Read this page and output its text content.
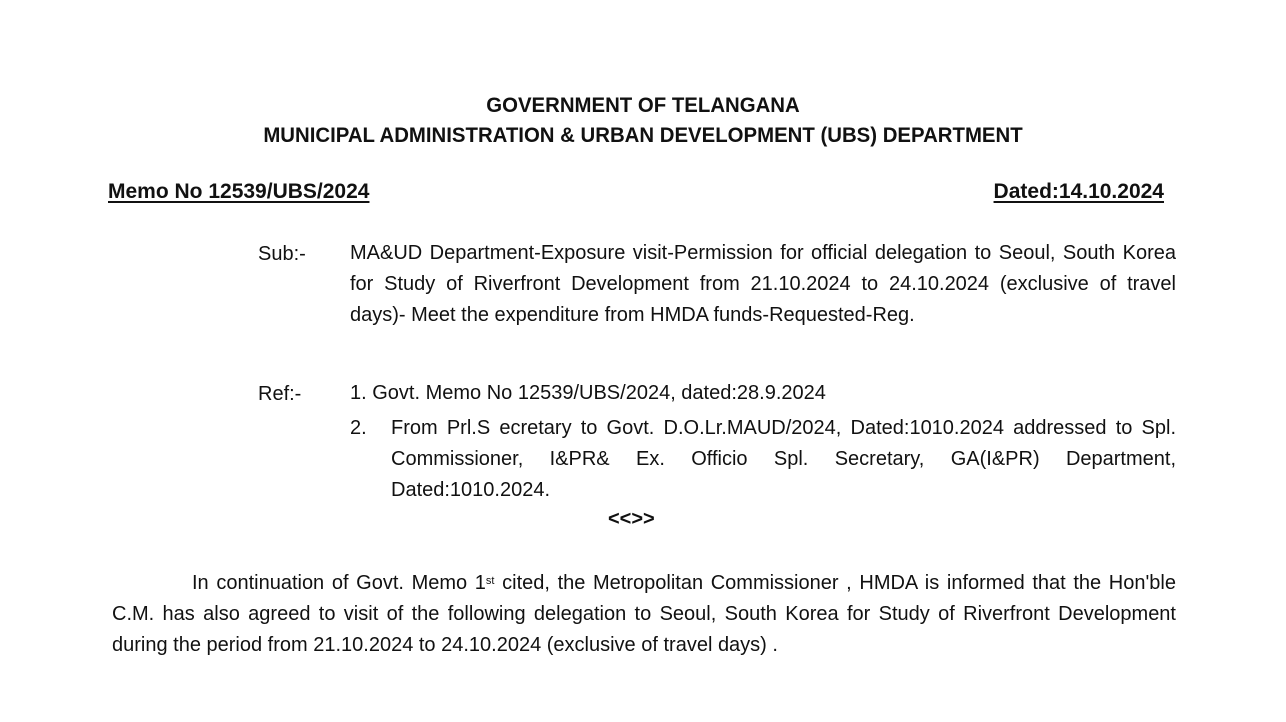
GOVERNMENT OF TELANGANA
MUNICIPAL ADMINISTRATION & URBAN DEVELOPMENT (UBS) DEPARTMENT
Memo No 12539/UBS/2024	Dated:14.10.2024
Sub:- MA&UD Department-Exposure visit-Permission for official delegation to Seoul, South Korea for Study of Riverfront Development from 21.10.2024 to 24.10.2024 (exclusive of travel days)- Meet the expenditure from HMDA funds-Requested-Reg.
Ref:- 1. Govt. Memo No 12539/UBS/2024, dated:28.9.2024
2. From Prl.S ecretary to Govt. D.O.Lr.MAUD/2024, Dated:1010.2024 addressed to Spl. Commissioner, I&PR& Ex. Officio Spl. Secretary, GA(I&PR) Department, Dated:1010.2024.
<<>>
In continuation of Govt. Memo 1st cited, the Metropolitan Commissioner , HMDA is informed that the Hon'ble C.M. has also agreed to visit of the following delegation to Seoul, South Korea for Study of Riverfront Development during the period from 21.10.2024 to 24.10.2024 (exclusive of travel days) .
